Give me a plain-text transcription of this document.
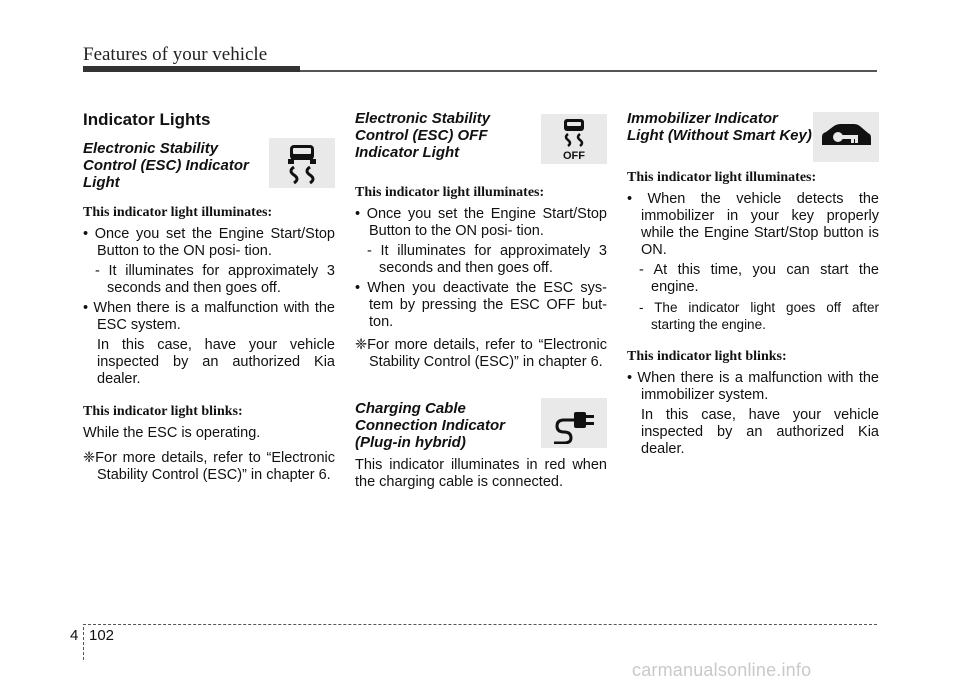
Features of your vehicle
Indicator Lights
Electronic Stability Control (ESC) Indicator Light
This indicator light illuminates:

• Once you set the Engine Start/Stop Button to the ON posi- tion.

- It illuminates for approximately 3 seconds and then goes off.

• When there is a malfunction with the ESC system.

In this case, have your vehicle inspected by an authorized Kia dealer.

This indicator light blinks:

While the ESC is operating.

❈For more details, refer to “Electronic Stability Control (ESC)” in chapter 6.

OFF
Electronic Stability Control (ESC) OFF Indicator Light
This indicator light illuminates:

• Once you set the Engine Start/Stop Button to the ON posi- tion.

- It illuminates for approximately 3 seconds and then goes off.

• When you deactivate the ESC sys- tem by pressing the ESC OFF but- ton.

❈For more details, refer to “Electronic Stability Control (ESC)” in chapter 6.

Charging Cable Connection Indicator (Plug-in hybrid)

This indicator illuminates in red when the charging cable is connected.

Immobilizer Indicator Light (Without Smart Key)
This indicator light illuminates:

• When the vehicle detects the immobilizer in your key properly while the Engine Start/Stop button is ON.

- At this time, you can start the engine.

- The indicator light goes off after starting the engine.

This indicator light blinks:

• When there is a malfunction with the immobilizer system.

In this case, have your vehicle inspected by an authorized Kia dealer.

4 102
carmanualsonline.info
